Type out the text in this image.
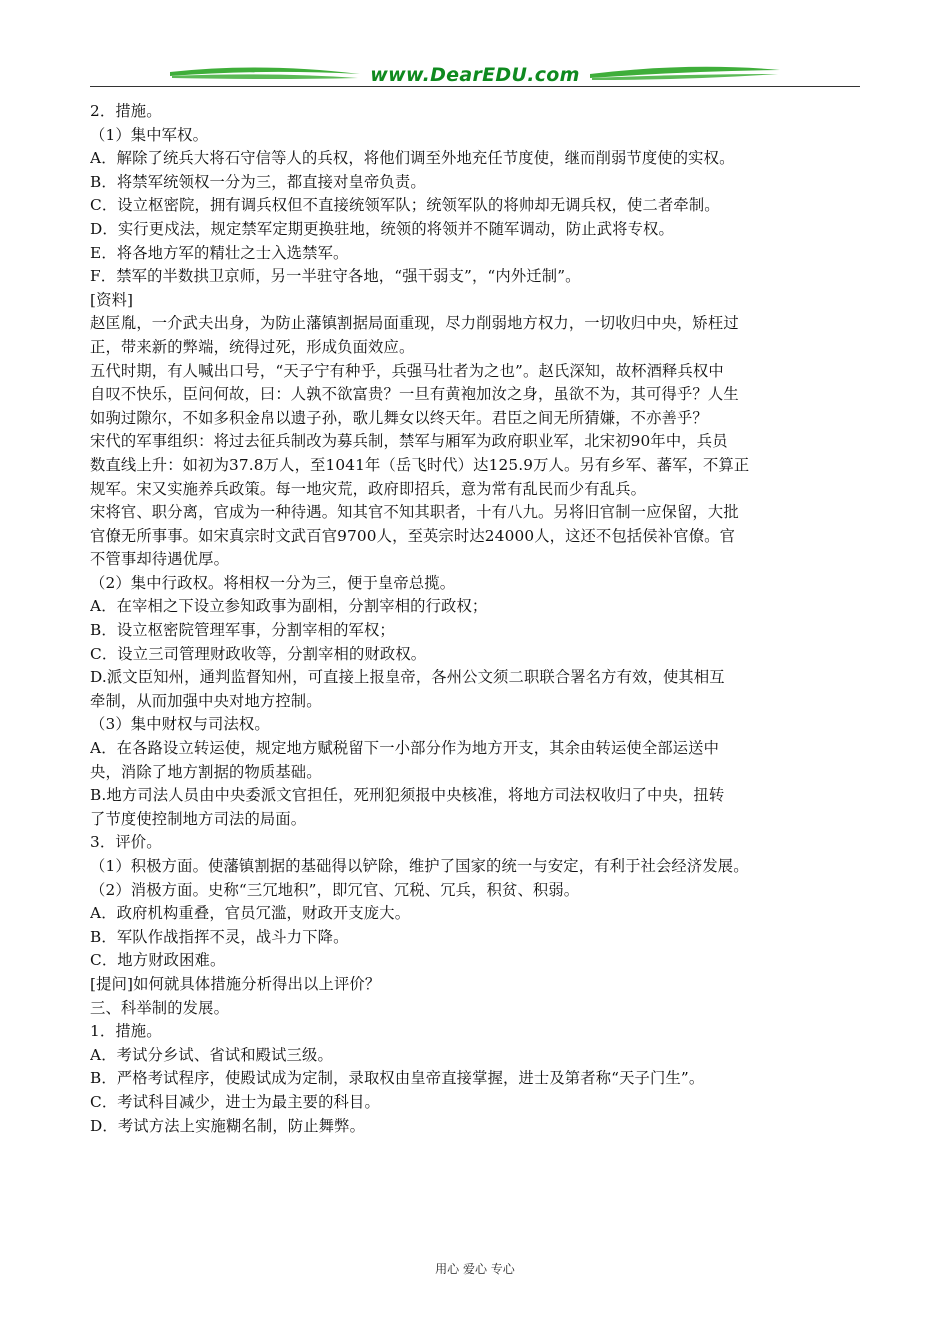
www.DearEDU.com
2．措施。
（1）集中军权。
A．解除了统兵大将石守信等人的兵权，将他们调至外地充任节度使，继而削弱节度使的实权。
B．将禁军统领权一分为三，都直接对皇帝负责。
C．设立枢密院，拥有调兵权但不直接统领军队；统领军队的将帅却无调兵权，使二者牵制。
D．实行更戍法，规定禁军定期更换驻地，统领的将领并不随军调动，防止武将专权。
E．将各地方军的精壮之士入选禁军。
F．禁军的半数拱卫京师，另一半驻守各地，“强干弱支”，“内外迁制”。
[资料]
赵匡胤，一介武夫出身，为防止藩镇割据局面重现，尽力削弱地方权力，一切收归中央，矫枉过
正，带来新的弊端，统得过死，形成负面效应。
五代时期，有人喊出口号，“天子宁有种乎，兵强马壮者为之也”。赵氏深知，故杯酒释兵权中
自叹不快乐，臣问何故，曰：人孰不欲富贵？一旦有黄袍加汝之身，虽欲不为，其可得乎？人生
如驹过隙尔，不如多积金帛以遗子孙，歌儿舞女以终天年。君臣之间无所猜嫌，不亦善乎？
宋代的军事组织：将过去征兵制改为募兵制，禁军与厢军为政府职业军，北宋初90年中，兵员
数直线上升：如初为37.8万人，至1041年（岳飞时代）达125.9万人。另有乡军、蕃军，不算正
规军。宋又实施养兵政策。每一地灾荒，政府即招兵，意为常有乱民而少有乱兵。
宋将官、职分离，官成为一种待遇。知其官不知其职者，十有八九。另将旧官制一应保留，大批
官僚无所事事。如宋真宗时文武百官9700人，至英宗时达24000人，这还不包括侯补官僚。官
不管事却待遇优厚。
（2）集中行政权。将相权一分为三，便于皇帝总揽。
A．在宰相之下设立参知政事为副相，分割宰相的行政权；
B．设立枢密院管理军事，分割宰相的军权；
C．设立三司管理财政收等，分割宰相的财政权。
D.派文臣知州，通判监督知州，可直接上报皇帝，各州公文须二职联合署名方有效，使其相互
牵制，从而加强中央对地方控制。
（3）集中财权与司法权。
A．在各路设立转运使，规定地方赋税留下一小部分作为地方开支，其余由转运使全部运送中
央，消除了地方割据的物质基础。
B.地方司法人员由中央委派文官担任，死刑犯须报中央核准，将地方司法权收归了中央，扭转
了节度使控制地方司法的局面。
3．评价。
（1）积极方面。使藩镇割据的基础得以铲除，维护了国家的统一与安定，有利于社会经济发展。
（2）消极方面。史称“三冗地积”，即冗官、冗税、冗兵，积贫、积弱。
A．政府机构重叠，官员冗滥，财政开支庞大。
B．军队作战指挥不灵，战斗力下降。
C．地方财政困难。
[提问]如何就具体措施分析得出以上评价？
三、科举制的发展。
1．措施。
A．考试分乡试、省试和殿试三级。
B．严格考试程序，使殿试成为定制，录取权由皇帝直接掌握，进士及第者称“天子门生”。
C．考试科目减少，进士为最主要的科目。
D．考试方法上实施糊名制，防止舞弊。
用心 爱心 专心
